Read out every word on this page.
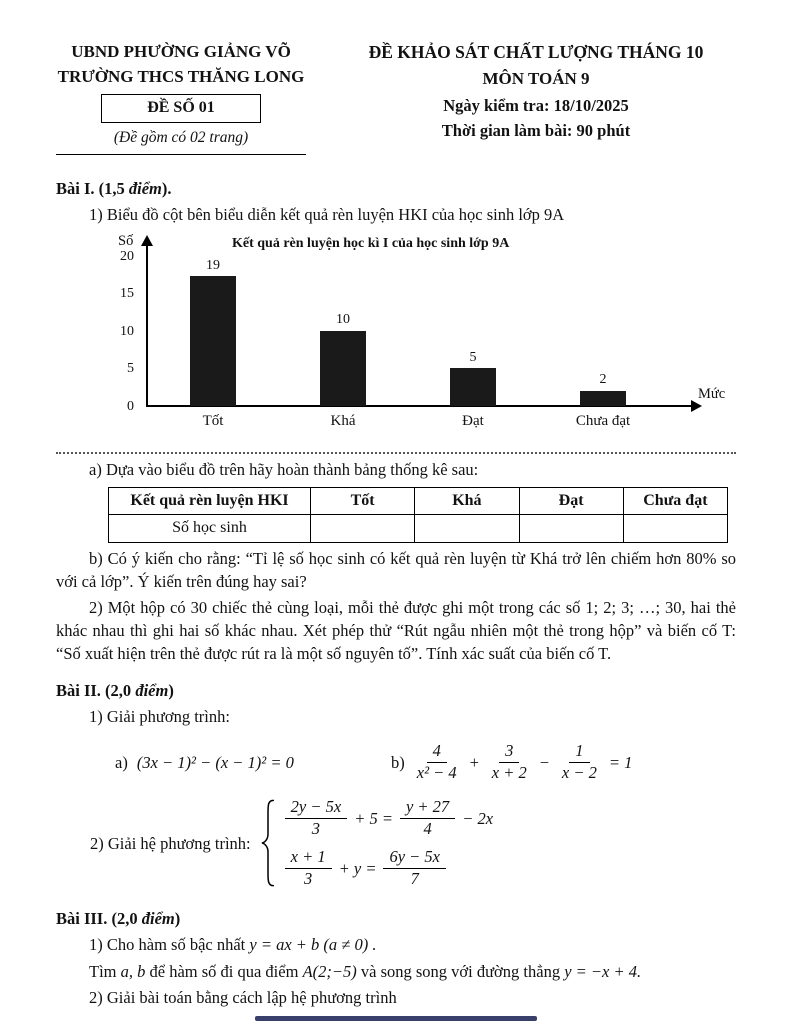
UBND PHƯỜNG GIẢNG VÕ
TRƯỜNG THCS THĂNG LONG
ĐỀ SỐ 01
(Đề gồm có 02 trang)
ĐỀ KHẢO SÁT CHẤT LƯỢNG THÁNG 10
MÔN TOÁN 9
Ngày kiểm tra: 18/10/2025
Thời gian làm bài: 90 phút
Bài I. (1,5 điểm).

1) Biểu đồ cột bên biểu diễn kết quả rèn luyện HKI của học sinh lớp 9A

Số	Kết quả rèn luyện học kì I của học sinh lớp 9A
0
5
10
15
20
19
Tốt
10
Khá
5
Đạt
2
Chưa đạt
Mức

a) Dựa vào biểu đồ trên hãy hoàn thành bảng thống kê sau:

Kết quả rèn luyện HKI	Tốt	Khá	Đạt	Chưa đạt
Số học sinh				

b) Có ý kiến cho rằng: “Tỉ lệ số học sinh có kết quả rèn luyện từ Khá trở lên chiếm hơn 80% so với cả lớp”. Ý kiến trên đúng hay sai?

2) Một hộp có 30 chiếc thẻ cùng loại, mỗi thẻ được ghi một trong các số 1; 2; 3; …; 30, hai thẻ khác nhau thì ghi hai số khác nhau. Xét phép thử “Rút ngẫu nhiên một thẻ trong hộp” và biến cố T: “Số xuất hiện trên thẻ được rút ra là một số nguyên tố”. Tính xác suất của biến cố T.

Bài II. (2,0 điểm)

1) Giải phương trình:

a) (3x − 1)² − (x − 1)² = 0	$b) \frac{4}{\text{x² − 4}} + \frac{3}{x + 2} - \frac{1}{x - 2} = 1$
2) Giải hệ phương trình:
$\frac{2y - 5x}{3} + 5 = \frac{y + 27}{4} - 2x$
$\frac{x + 1}{3} + y = \frac{6y - 5x}{7}$
Bài III. (2,0 điểm)

1) Cho hàm số bậc nhất y = ax + b (a ≠ 0) .

Tìm a, b để hàm số đi qua điểm A(2;−5) và song song với đường thẳng y = −x + 4.

2) Giải bài toán bằng cách lập hệ phương trình
